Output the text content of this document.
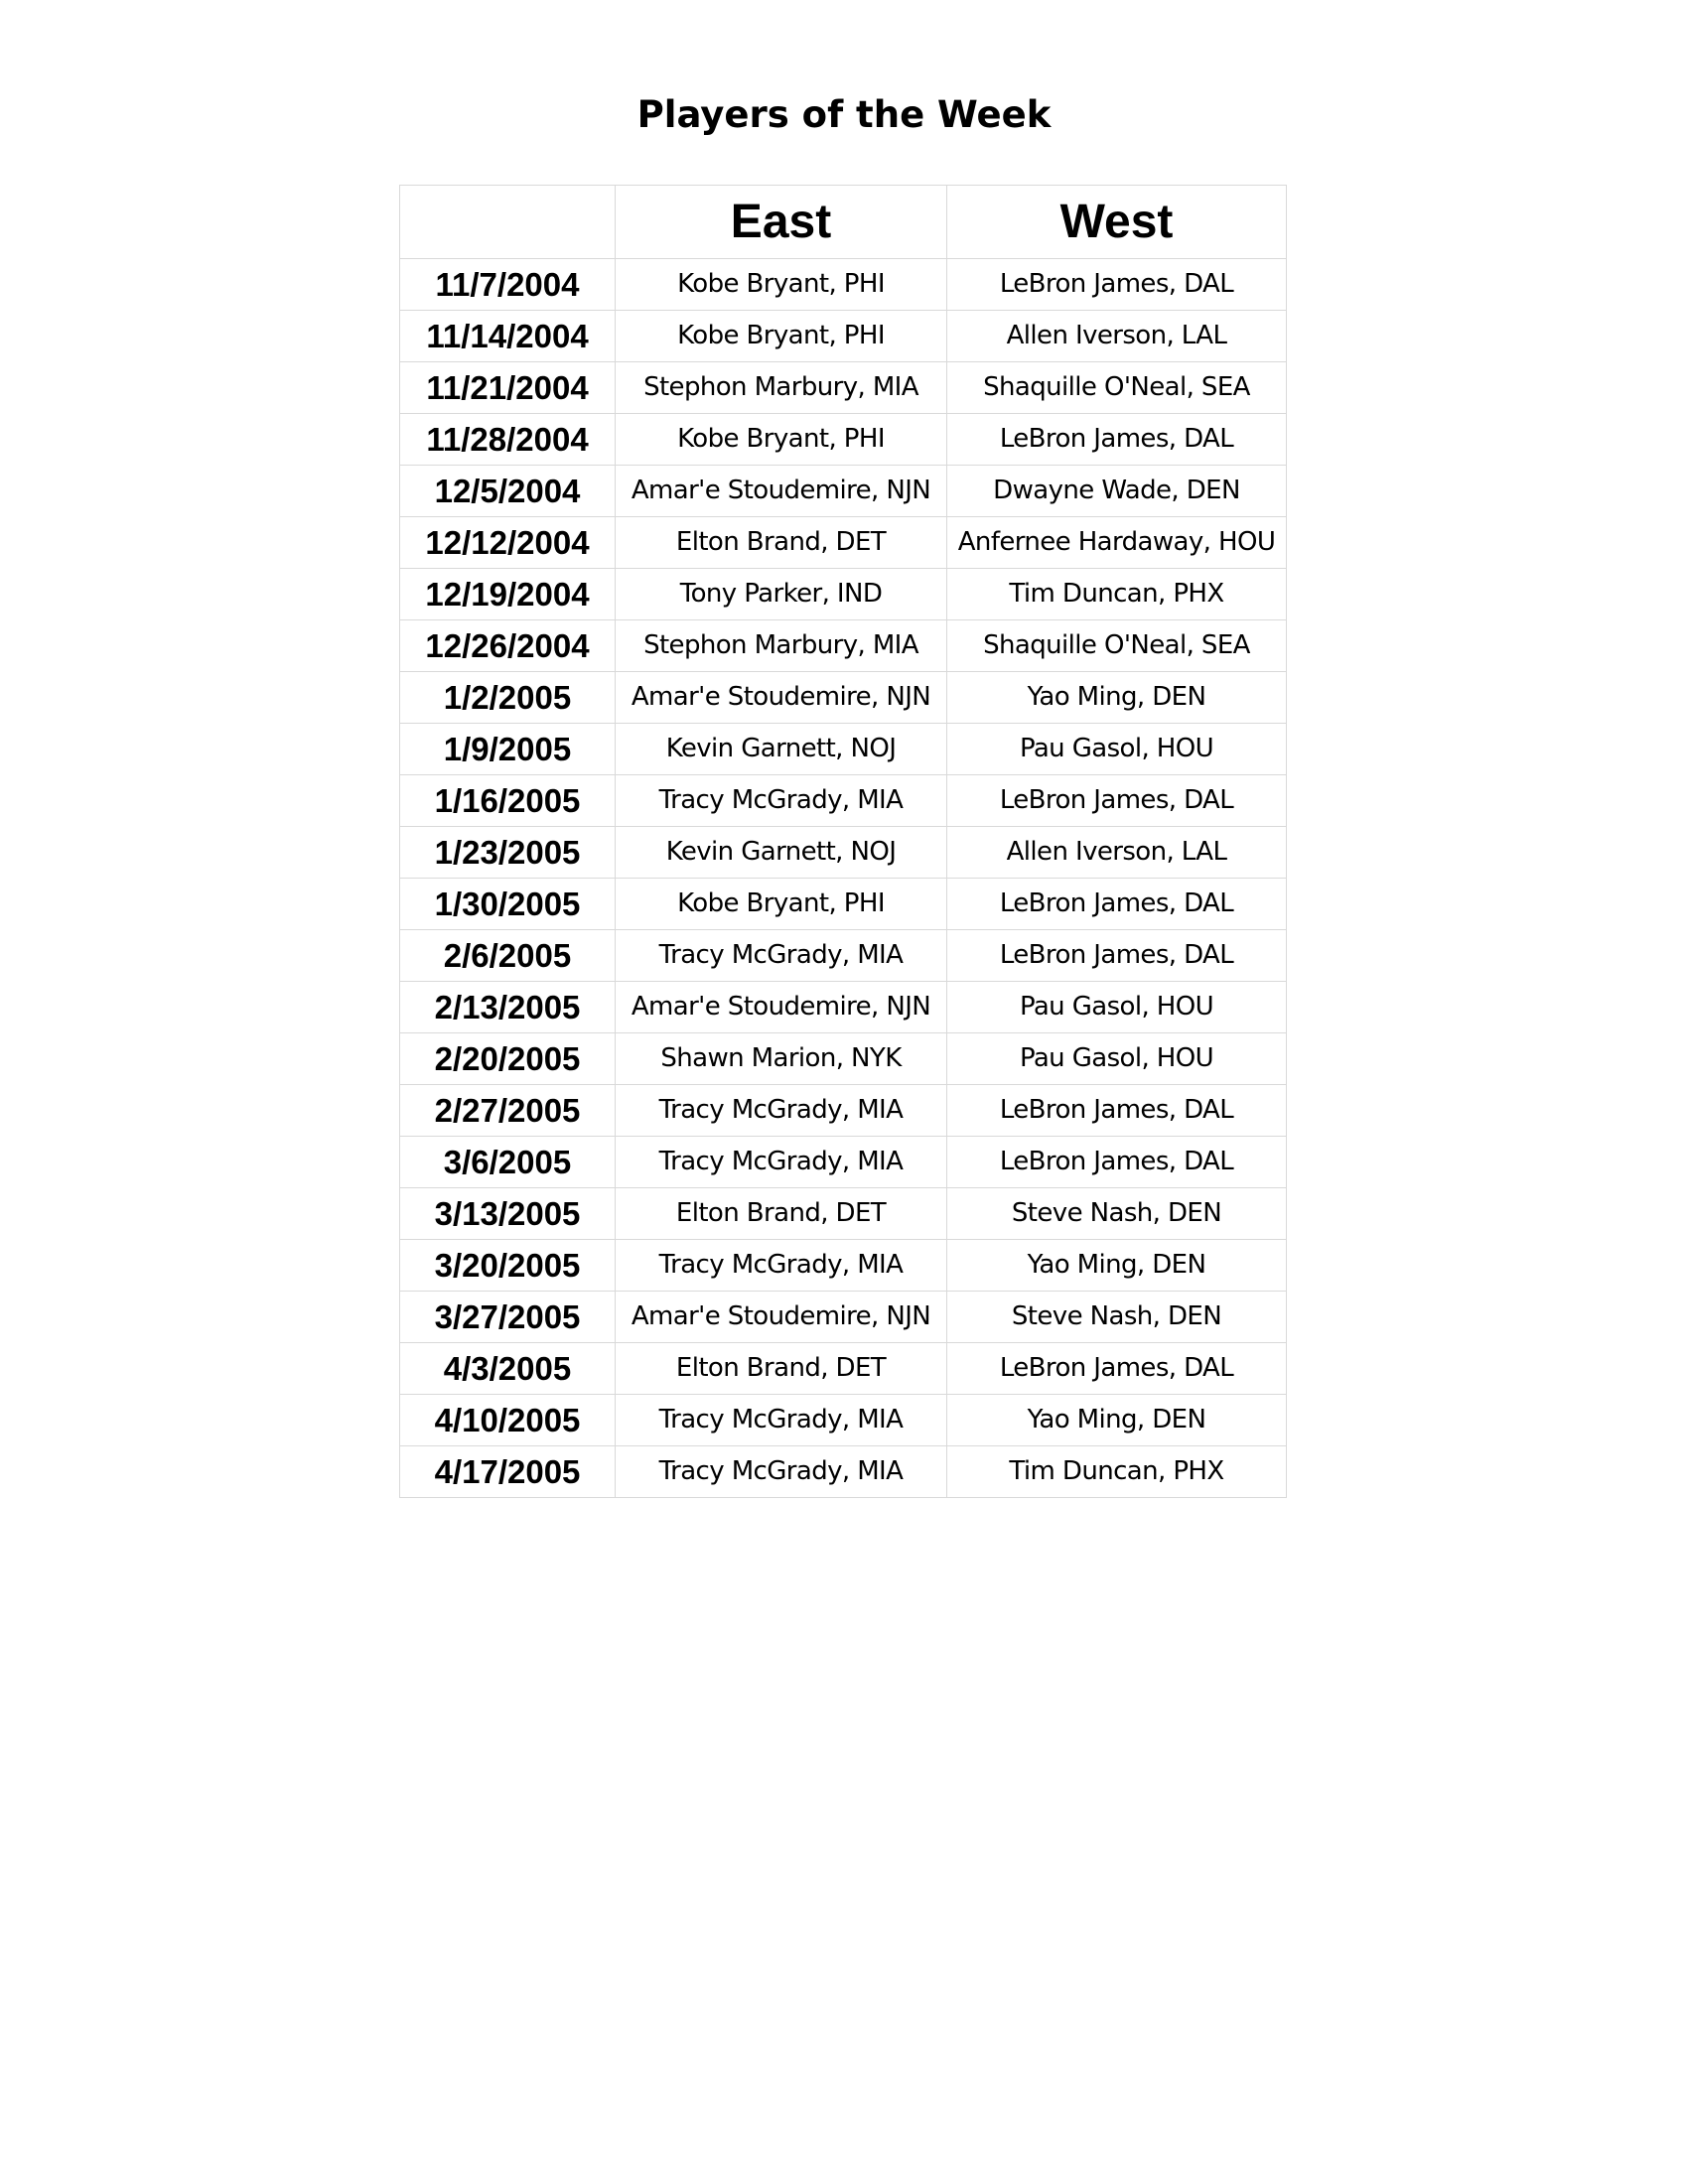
Players of the Week
	East	West
11/7/2004	Kobe Bryant, PHI	LeBron James, DAL
11/14/2004	Kobe Bryant, PHI	Allen Iverson, LAL
11/21/2004	Stephon Marbury, MIA	Shaquille O'Neal, SEA
11/28/2004	Kobe Bryant, PHI	LeBron James, DAL
12/5/2004	Amar'e Stoudemire, NJN	Dwayne Wade, DEN
12/12/2004	Elton Brand, DET	Anfernee Hardaway, HOU
12/19/2004	Tony Parker, IND	Tim Duncan, PHX
12/26/2004	Stephon Marbury, MIA	Shaquille O'Neal, SEA
1/2/2005	Amar'e Stoudemire, NJN	Yao Ming, DEN
1/9/2005	Kevin Garnett, NOJ	Pau Gasol, HOU
1/16/2005	Tracy McGrady, MIA	LeBron James, DAL
1/23/2005	Kevin Garnett, NOJ	Allen Iverson, LAL
1/30/2005	Kobe Bryant, PHI	LeBron James, DAL
2/6/2005	Tracy McGrady, MIA	LeBron James, DAL
2/13/2005	Amar'e Stoudemire, NJN	Pau Gasol, HOU
2/20/2005	Shawn Marion, NYK	Pau Gasol, HOU
2/27/2005	Tracy McGrady, MIA	LeBron James, DAL
3/6/2005	Tracy McGrady, MIA	LeBron James, DAL
3/13/2005	Elton Brand, DET	Steve Nash, DEN
3/20/2005	Tracy McGrady, MIA	Yao Ming, DEN
3/27/2005	Amar'e Stoudemire, NJN	Steve Nash, DEN
4/3/2005	Elton Brand, DET	LeBron James, DAL
4/10/2005	Tracy McGrady, MIA	Yao Ming, DEN
4/17/2005	Tracy McGrady, MIA	Tim Duncan, PHX
